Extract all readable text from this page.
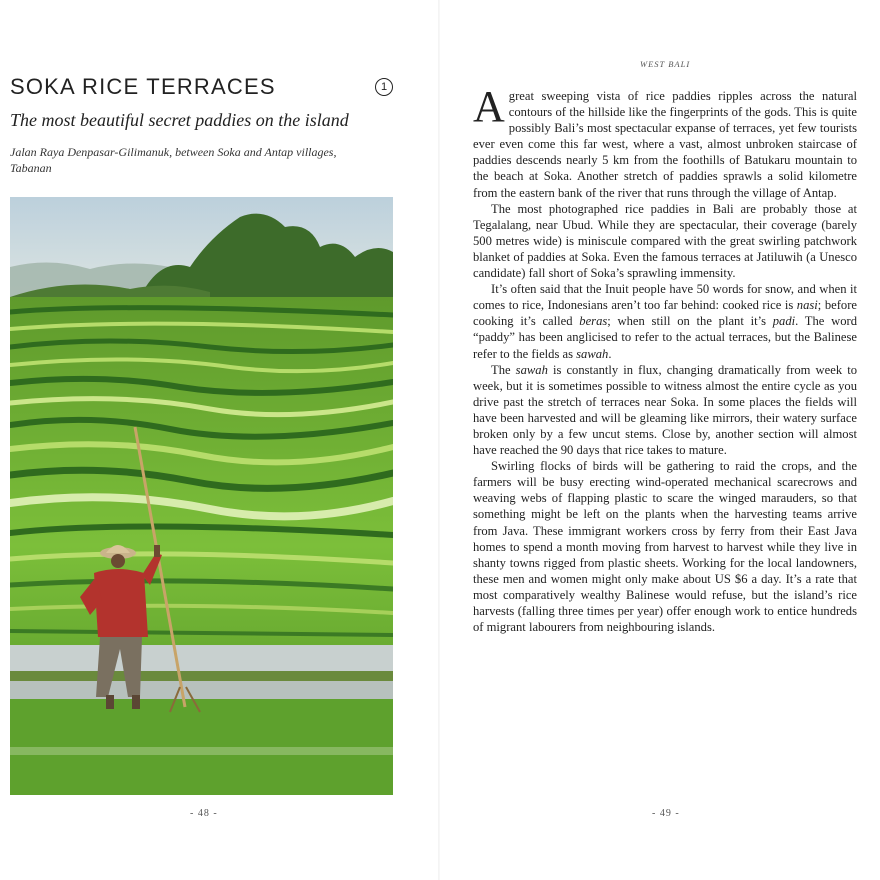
SOKA RICE TERRACES	1

The most beautiful secret paddies on the island

Jalan Raya Denpasar-Gilimanuk, between Soka and Antap villages, Tabanan

- 48 -
WEST BALI

A great sweeping vista of rice paddies ripples across the natural contours of the hillside like the fingerprints of the gods. This is quite possibly Bali’s most spectacular expanse of terraces, yet few tourists ever even come this far west, where a vast, almost unbroken staircase of paddies descends nearly 5 km from the foothills of Batukaru mountain to the beach at Soka. Another stretch of paddies sprawls a solid kilometre from the eastern bank of the river that runs through the village of Antap.

The most photographed rice paddies in Bali are probably those at Tegalalang, near Ubud. While they are spectacular, their coverage (barely 500 metres wide) is miniscule compared with the great swirling patchwork blanket of paddies at Soka. Even the famous terraces at Jatiluwih (a Unesco candidate) fall short of Soka’s sprawling immensity.

It’s often said that the Inuit people have 50 words for snow, and when it comes to rice, Indonesians aren’t too far behind: cooked rice is nasi; before cooking it’s called beras; when still on the plant it’s padi. The word “paddy” has been anglicised to refer to the actual terraces, but the Balinese refer to the fields as sawah.

The sawah is constantly in flux, changing dramatically from week to week, but it is sometimes possible to witness almost the entire cycle as you drive past the stretch of terraces near Soka. In some places the fields will have been harvested and will be gleaming like mirrors, their watery surface broken only by a few uncut stems. Close by, another section will almost have reached the 90 days that rice takes to mature.

Swirling flocks of birds will be gathering to raid the crops, and the farmers will be busy erecting wind-operated mechanical scarecrows and weaving webs of flapping plastic to scare the winged marauders, so that something might be left on the plants when the harvesting teams arrive from Java. These immigrant workers cross by ferry from their East Java homes to spend a month moving from harvest to harvest while they live in shanty towns rigged from plastic sheets. Working for the local landowners, these men and women might only make about US $6 a day. It’s a rate that most comparatively wealthy Balinese would refuse, but the island’s rice harvests (falling three times per year) offer enough work to entice hundreds of migrant labourers from neighbouring islands.

- 49 -
